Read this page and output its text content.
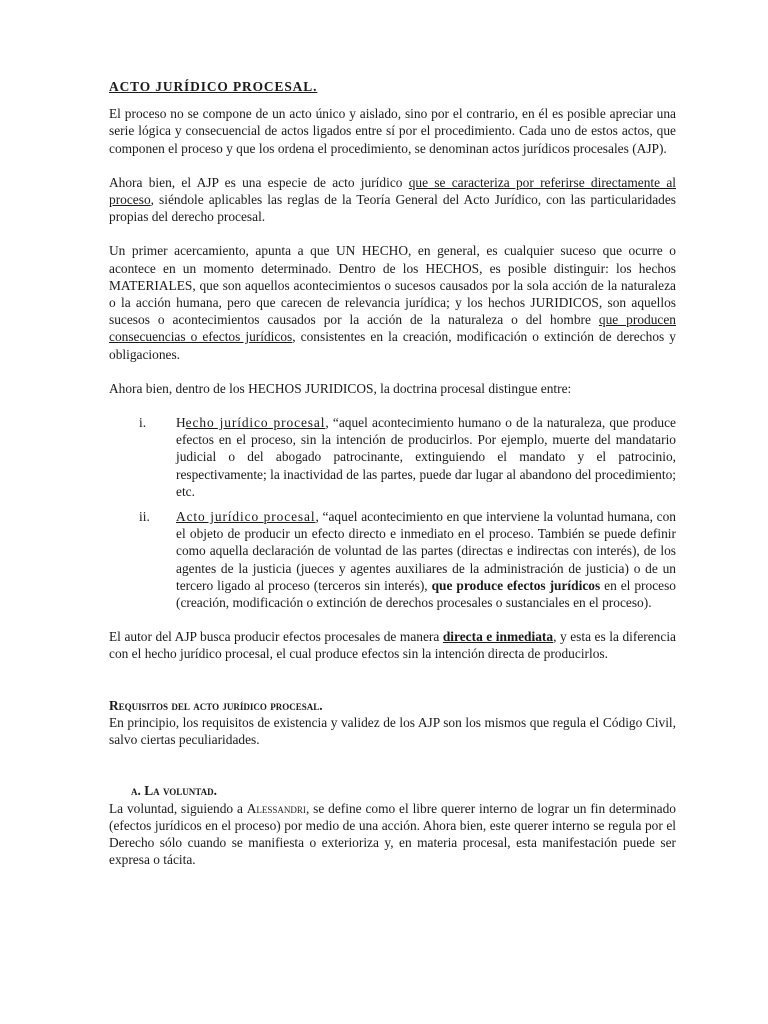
ACTO JURÍDICO PROCESAL.

El proceso no se compone de un acto único y aislado, sino por el contrario, en él es posible apreciar una serie lógica y consecuencial de actos ligados entre sí por el procedimiento. Cada uno de estos actos, que componen el proceso y que los ordena el procedimiento, se denominan actos jurídicos procesales (AJP).

Ahora bien, el AJP es una especie de acto jurídico que se caracteriza por referirse directamente al proceso, siéndole aplicables las reglas de la Teoría General del Acto Jurídico, con las particularidades propias del derecho procesal.

Un primer acercamiento, apunta a que UN HECHO, en general, es cualquier suceso que ocurre o acontece en un momento determinado. Dentro de los HECHOS, es posible distinguir: los hechos MATERIALES, que son aquellos acontecimientos o sucesos causados por la sola acción de la naturaleza o la acción humana, pero que carecen de relevancia jurídica; y los hechos JURIDICOS, son aquellos sucesos o acontecimientos causados por la acción de la naturaleza o del hombre que producen consecuencias o efectos jurídicos, consistentes en la creación, modificación o extinción de derechos y obligaciones.

Ahora bien, dentro de los HECHOS JURIDICOS, la doctrina procesal distingue entre:

i. Hecho jurídico procesal, “aquel acontecimiento humano o de la naturaleza, que produce efectos en el proceso, sin la intención de producirlos. Por ejemplo, muerte del mandatario judicial o del abogado patrocinante, extinguiendo el mandato y el patrocinio, respectivamente; la inactividad de las partes, puede dar lugar al abandono del procedimiento; etc.

ii. Acto jurídico procesal, “aquel acontecimiento en que interviene la voluntad humana, con el objeto de producir un efecto directo e inmediato en el proceso. También se puede definir como aquella declaración de voluntad de las partes (directas e indirectas con interés), de los agentes de la justicia (jueces y agentes auxiliares de la administración de justicia) o de un tercero ligado al proceso (terceros sin interés), que produce efectos jurídicos en el proceso (creación, modificación o extinción de derechos procesales o sustanciales en el proceso).

El autor del AJP busca producir efectos procesales de manera directa e inmediata, y esta es la diferencia con el hecho jurídico procesal, el cual produce efectos sin la intención directa de producirlos.

Requisitos del acto jurídico procesal.

En principio, los requisitos de existencia y validez de los AJP son los mismos que regula el Código Civil, salvo ciertas peculiaridades.

a. La voluntad.

La voluntad, siguiendo a Alessandri, se define como el libre querer interno de lograr un fin determinado (efectos jurídicos en el proceso) por medio de una acción. Ahora bien, este querer interno se regula por el Derecho sólo cuando se manifiesta o exterioriza y, en materia procesal, esta manifestación puede ser expresa o tácita.
